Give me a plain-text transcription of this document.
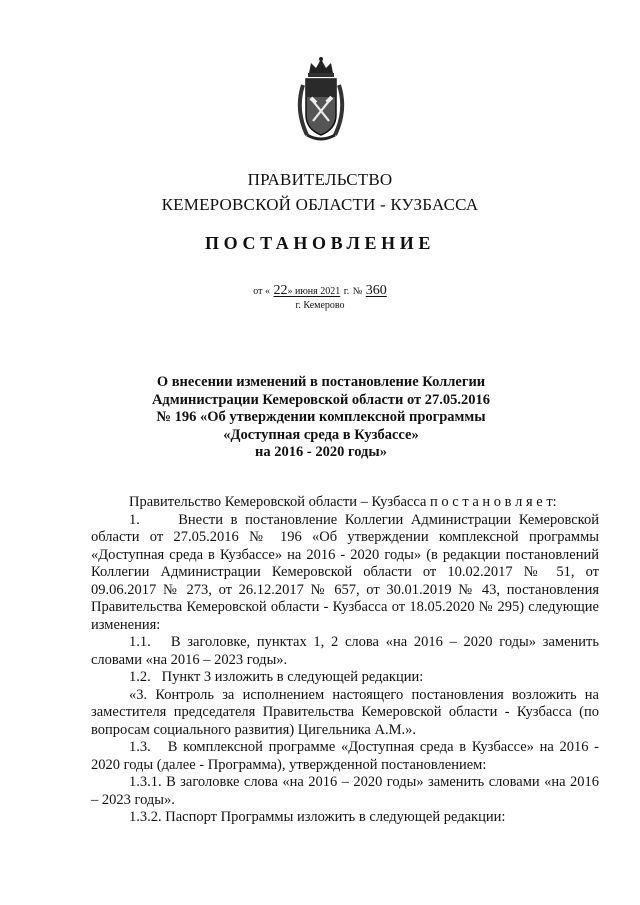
ПРАВИТЕЛЬСТВО
КЕМЕРОВСКОЙ ОБЛАСТИ - КУЗБАССА
ПОСТАНОВЛЕНИЕ
от « 22» июня 2021 г. № 360
г. Кемерово
О внесении изменений в постановление Коллегии
Администрации Кемеровской области от 27.05.2016
№ 196 «Об утверждении комплексной программы
«Доступная среда в Кузбассе»
на 2016 - 2020 годы»

Правительство Кемеровской области – Кузбасса п о с т а н о в л я е т:

1.     Внести в постановление Коллегии Администрации Кемеровской области от 27.05.2016 № 196 «Об утверждении комплексной программы «Доступная среда в Кузбассе» на 2016 - 2020 годы» (в редакции постановлений Коллегии Администрации Кемеровской области от 10.02.2017 № 51, от 09.06.2017 № 273, от 26.12.2017 № 657, от 30.01.2019 № 43, постановления Правительства Кемеровской области - Кузбасса от 18.05.2020 № 295) следующие изменения:

1.1.   В заголовке, пунктах 1, 2 слова «на 2016 – 2020 годы» заменить словами «на 2016 – 2023 годы».

1.2.   Пункт 3 изложить в следующей редакции:

«3. Контроль за исполнением настоящего постановления возложить на заместителя председателя Правительства Кемеровской области - Кузбасса (по вопросам социального развития) Цигельника А.М.».

1.3.   В комплексной программе «Доступная среда в Кузбассе» на 2016 - 2020 годы (далее - Программа), утвержденной постановлением:

1.3.1. В заголовке слова «на 2016 – 2020 годы» заменить словами «на 2016 – 2023 годы».

1.3.2. Паспорт Программы изложить в следующей редакции:
